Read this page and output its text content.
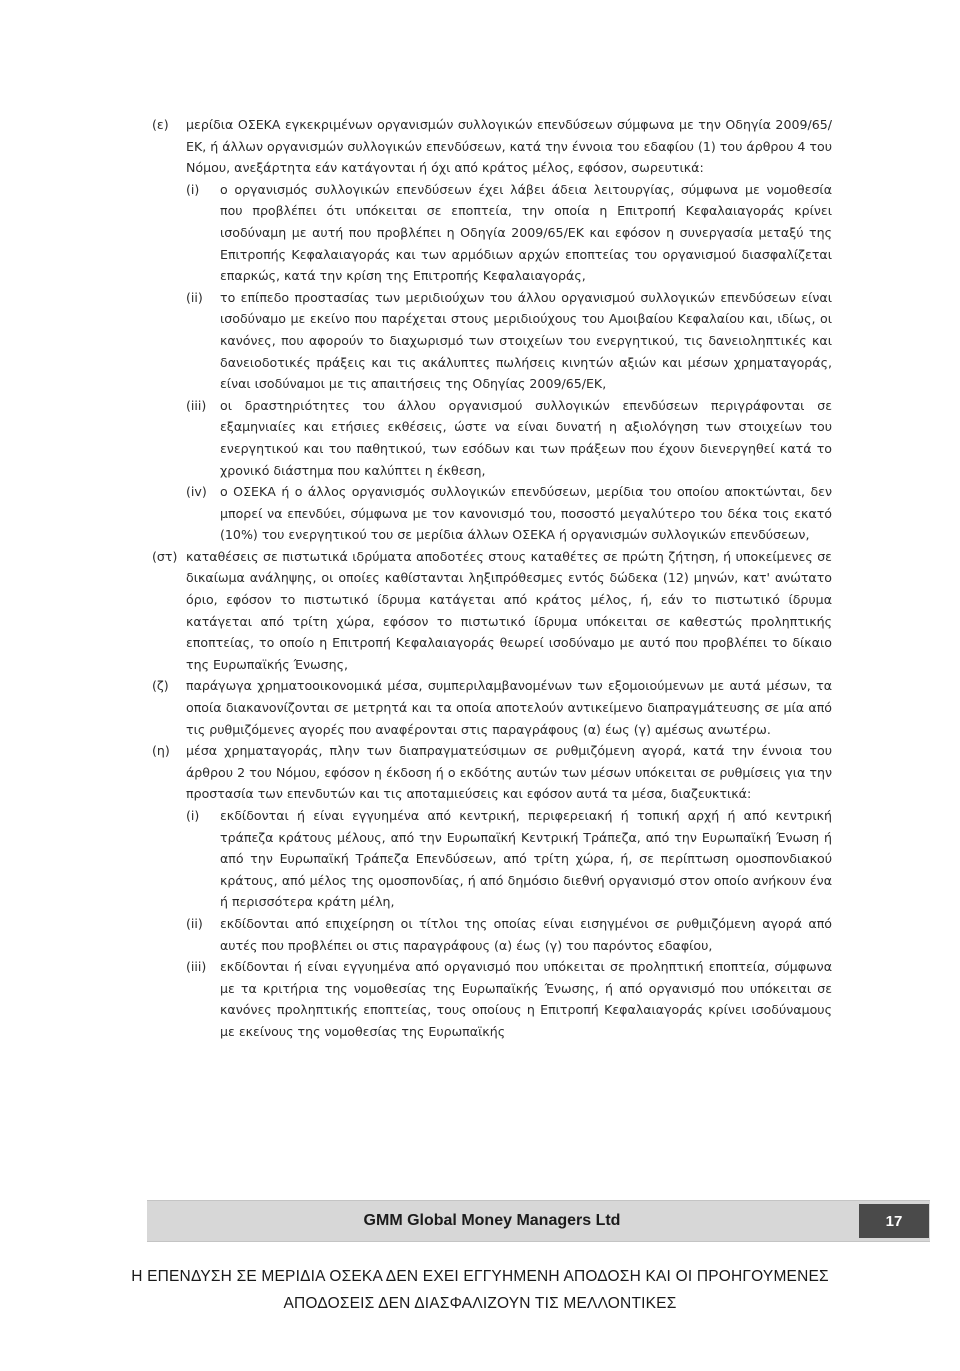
(ε)	μερίδια ΟΣΕΚΑ εγκεκριμένων οργανισμών συλλογικών επενδύσεων σύμφωνα με την Οδηγία 2009/65/ΕΚ, ή άλλων οργανισμών συλλογικών επενδύσεων, κατά την έννοια του εδαφίου (1) του άρθρου 4 του Νόμου, ανεξάρτητα εάν κατάγονται ή όχι από κράτος μέλος, εφόσον, σωρευτικά:
(i)	ο οργανισμός συλλογικών επενδύσεων έχει λάβει άδεια λειτουργίας, σύμφωνα με νομοθεσία που προβλέπει ότι υπόκειται σε εποπτεία, την οποία η Επιτροπή Κεφαλαιαγοράς κρίνει ισοδύναμη με αυτή που προβλέπει η Οδηγία 2009/65/ΕΚ και εφόσον η συνεργασία μεταξύ της Επιτροπής Κεφαλαιαγοράς και των αρμόδιων αρχών εποπτείας του οργανισμού διασφαλίζεται επαρκώς, κατά την κρίση της Επιτροπής Κεφαλαιαγοράς,
(ii)	το επίπεδο προστασίας των μεριδιούχων του άλλου οργανισμού συλλογικών επενδύσεων είναι ισοδύναμο με εκείνο που παρέχεται στους μεριδιούχους του Αμοιβαίου Κεφαλαίου και, ιδίως, οι κανόνες, που αφορούν το διαχωρισμό των στοιχείων του ενεργητικού, τις δανειοληπτικές και δανειοδοτικές πράξεις και τις ακάλυπτες πωλήσεις κινητών αξιών και μέσων χρηματαγοράς, είναι ισοδύναμοι με τις απαιτήσεις της Οδηγίας 2009/65/ΕΚ,
(iii)	οι δραστηριότητες του άλλου οργανισμού συλλογικών επενδύσεων περιγράφονται σε εξαμηνιαίες και ετήσιες εκθέσεις, ώστε να είναι δυνατή η αξιολόγηση των στοιχείων του ενεργητικού και του παθητικού, των εσόδων και των πράξεων που έχουν διενεργηθεί κατά το χρονικό διάστημα που καλύπτει η έκθεση,
(iv)	ο ΟΣΕΚΑ ή ο άλλος οργανισμός συλλογικών επενδύσεων, μερίδια του οποίου αποκτώνται, δεν μπορεί να επενδύει, σύμφωνα με τον κανονισμό του, ποσοστό μεγαλύτερο του δέκα τοις εκατό (10%) του ενεργητικού του σε μερίδια άλλων ΟΣΕΚΑ ή οργανισμών συλλογικών επενδύσεων,
(στ) καταθέσεις σε πιστωτικά ιδρύματα αποδοτέες στους καταθέτες σε πρώτη ζήτηση, ή υποκείμενες σε δικαίωμα ανάληψης, οι οποίες καθίστανται ληξιπρόθεσμες εντός δώδεκα (12) μηνών, κατ' ανώτατο όριο, εφόσον το πιστωτικό ίδρυμα κατάγεται από κράτος μέλος, ή, εάν το πιστωτικό ίδρυμα κατάγεται από τρίτη χώρα, εφόσον το πιστωτικό ίδρυμα υπόκειται σε καθεστώς προληπτικής εποπτείας, το οποίο η Επιτροπή Κεφαλαιαγοράς θεωρεί ισοδύναμο με αυτό που προβλέπει το δίκαιο της Ευρωπαϊκής Ένωσης,
(ζ)	παράγωγα χρηματοοικονομικά μέσα, συμπεριλαμβανομένων των εξομοιούμενων με αυτά μέσων, τα οποία διακανονίζονται σε μετρητά και τα οποία αποτελούν αντικείμενο διαπραγμάτευσης σε μία από τις ρυθμιζόμενες αγορές που αναφέρονται στις παραγράφους (α) έως (γ) αμέσως ανωτέρω.
(η)	μέσα χρηματαγοράς, πλην των διαπραγματεύσιμων σε ρυθμιζόμενη αγορά, κατά την έννοια του άρθρου 2 του Νόμου, εφόσον η έκδοση ή ο εκδότης αυτών των μέσων υπόκειται σε ρυθμίσεις για την προστασία των επενδυτών και τις αποταμιεύσεις και εφόσον αυτά τα μέσα, διαζευκτικά:
(i)	εκδίδονται ή είναι εγγυημένα από κεντρική, περιφερειακή ή τοπική αρχή ή από κεντρική τράπεζα κράτους μέλους, από την Ευρωπαϊκή Κεντρική Τράπεζα, από την Ευρωπαϊκή Ένωση ή από την Ευρωπαϊκή Τράπεζα Επενδύσεων, από τρίτη χώρα, ή, σε περίπτωση ομοσπονδιακού κράτους, από μέλος της ομοσπονδίας, ή από δημόσιο διεθνή οργανισμό στον οποίο ανήκουν ένα ή περισσότερα κράτη μέλη,
(ii)	εκδίδονται από επιχείρηση οι τίτλοι της οποίας είναι εισηγμένοι σε ρυθμιζόμενη αγορά από αυτές που προβλέπει οι στις παραγράφους (α) έως (γ) του παρόντος εδαφίου,
(iii)	εκδίδονται ή είναι εγγυημένα από οργανισμό που υπόκειται σε προληπτική εποπτεία, σύμφωνα με τα κριτήρια της νομοθεσίας της Ευρωπαϊκής Ένωσης, ή από οργανισμό που υπόκειται σε κανόνες προληπτικής εποπτείας, τους οποίους η Επιτροπή Κεφαλαιαγοράς κρίνει ισοδύναμους με εκείνους της νομοθεσίας της Ευρωπαϊκής
GMM Global Money Managers Ltd	17
Η ΕΠΕΝΔΥΣΗ ΣΕ ΜΕΡΙΔΙΑ ΟΣΕΚΑ ΔΕΝ ΕΧΕΙ ΕΓΓΥΗΜΕΝΗ ΑΠΟΔΟΣΗ ΚΑΙ ΟΙ ΠΡΟΗΓΟΥΜΕΝΕΣ
ΑΠΟΔΟΣΕΙΣ ΔΕΝ ΔΙΑΣΦΑΛΙΖΟΥΝ ΤΙΣ ΜΕΛΛΟΝΤΙΚΕΣ
